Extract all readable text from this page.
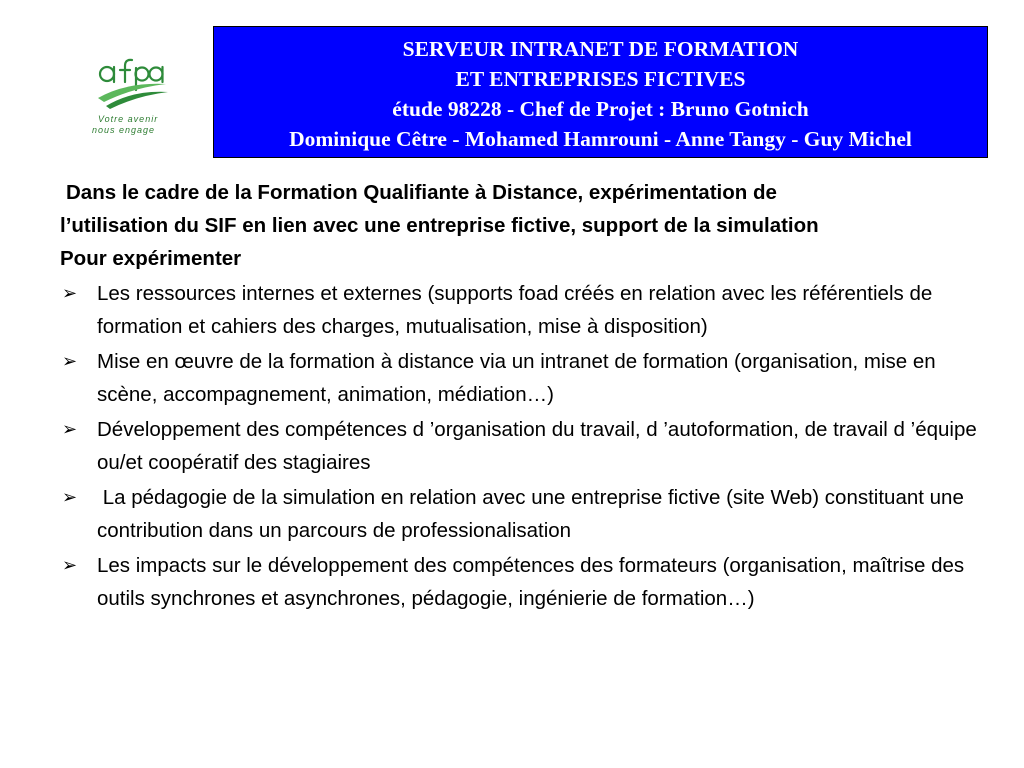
Votre avenir
nous engage
SERVEUR INTRANET DE FORMATION
ET ENTREPRISES FICTIVES
étude 98228 - Chef de Projet : Bruno Gotnich
Dominique Cêtre - Mohamed Hamrouni - Anne Tangy - Guy Michel

Dans le cadre de la Formation Qualifiante à Distance, expérimentation de

l’utilisation du SIF en lien avec une entreprise fictive, support de la simulation

Pour expérimenter

➢ Les ressources internes et externes (supports foad créés en relation avec les référentiels de formation et cahiers des charges, mutualisation, mise à disposition)
➢ Mise en œuvre de la formation à distance via un intranet de formation (organisation, mise en scène, accompagnement, animation, médiation…)
➢ Développement des compétences d ’organisation du travail, d ’autoformation, de travail d ’équipe ou/et coopératif des stagiaires
➢ La pédagogie de la simulation en relation avec une entreprise fictive (site Web) constituant une contribution dans un parcours de professionalisation
➢ Les impacts sur le développement des compétences des formateurs (organisation, maîtrise des outils synchrones et asynchrones, pédagogie, ingénierie de formation…)
